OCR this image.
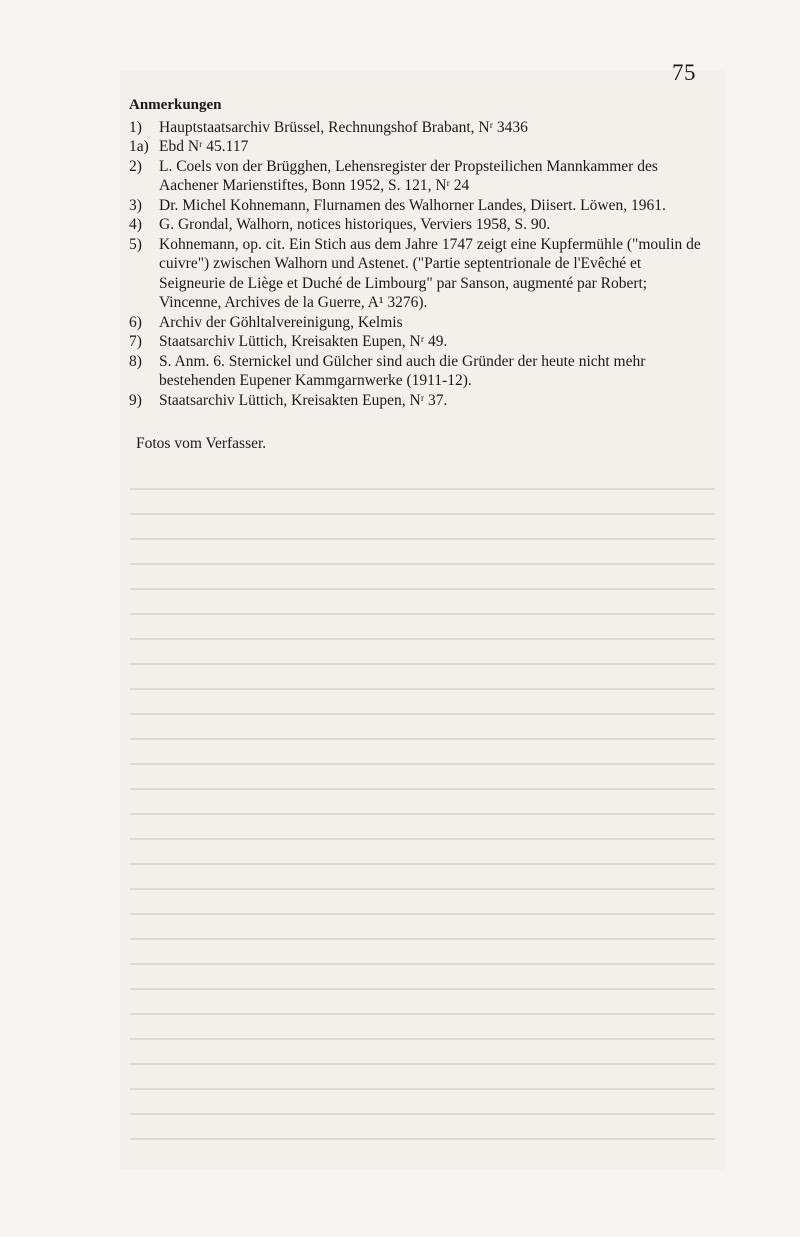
75
Anmerkungen
1)	Hauptstaatsarchiv Brüssel, Rechnungshof Brabant, Nʳ 3436
1a) Ebd Nʳ 45.117
2)	L. Coels von der Brügghen, Lehensregister der Propsteilichen Mannkammer des Aachener Marienstiftes, Bonn 1952, S. 121, Nʳ 24
3)	Dr. Michel Kohnemann, Flurnamen des Walhorner Landes, Diisert. Löwen, 1961.
4)	G. Grondal, Walhorn, notices historiques, Verviers 1958, S. 90.
5)	Kohnemann, op. cit. Ein Stich aus dem Jahre 1747 zeigt eine Kupfermühle ("moulin de cuivre") zwischen Walhorn und Astenet. ("Partie septentrionale de l'Evêché et Seigneurie de Liège et Duché de Limbourg" par Sanson, augmenté par Robert; Vincenne, Archives de la Guerre, A¹ 3276).
6)	Archiv der Göhltalvereinigung, Kelmis
7)	Staatsarchiv Lüttich, Kreisakten Eupen, Nʳ 49.
8)	S. Anm. 6. Sternickel und Gülcher sind auch die Gründer der heute nicht mehr bestehenden Eupener Kammgarnwerke (1911-12).
9)	Staatsarchiv Lüttich, Kreisakten Eupen, Nʳ 37.
Fotos vom Verfasser.
